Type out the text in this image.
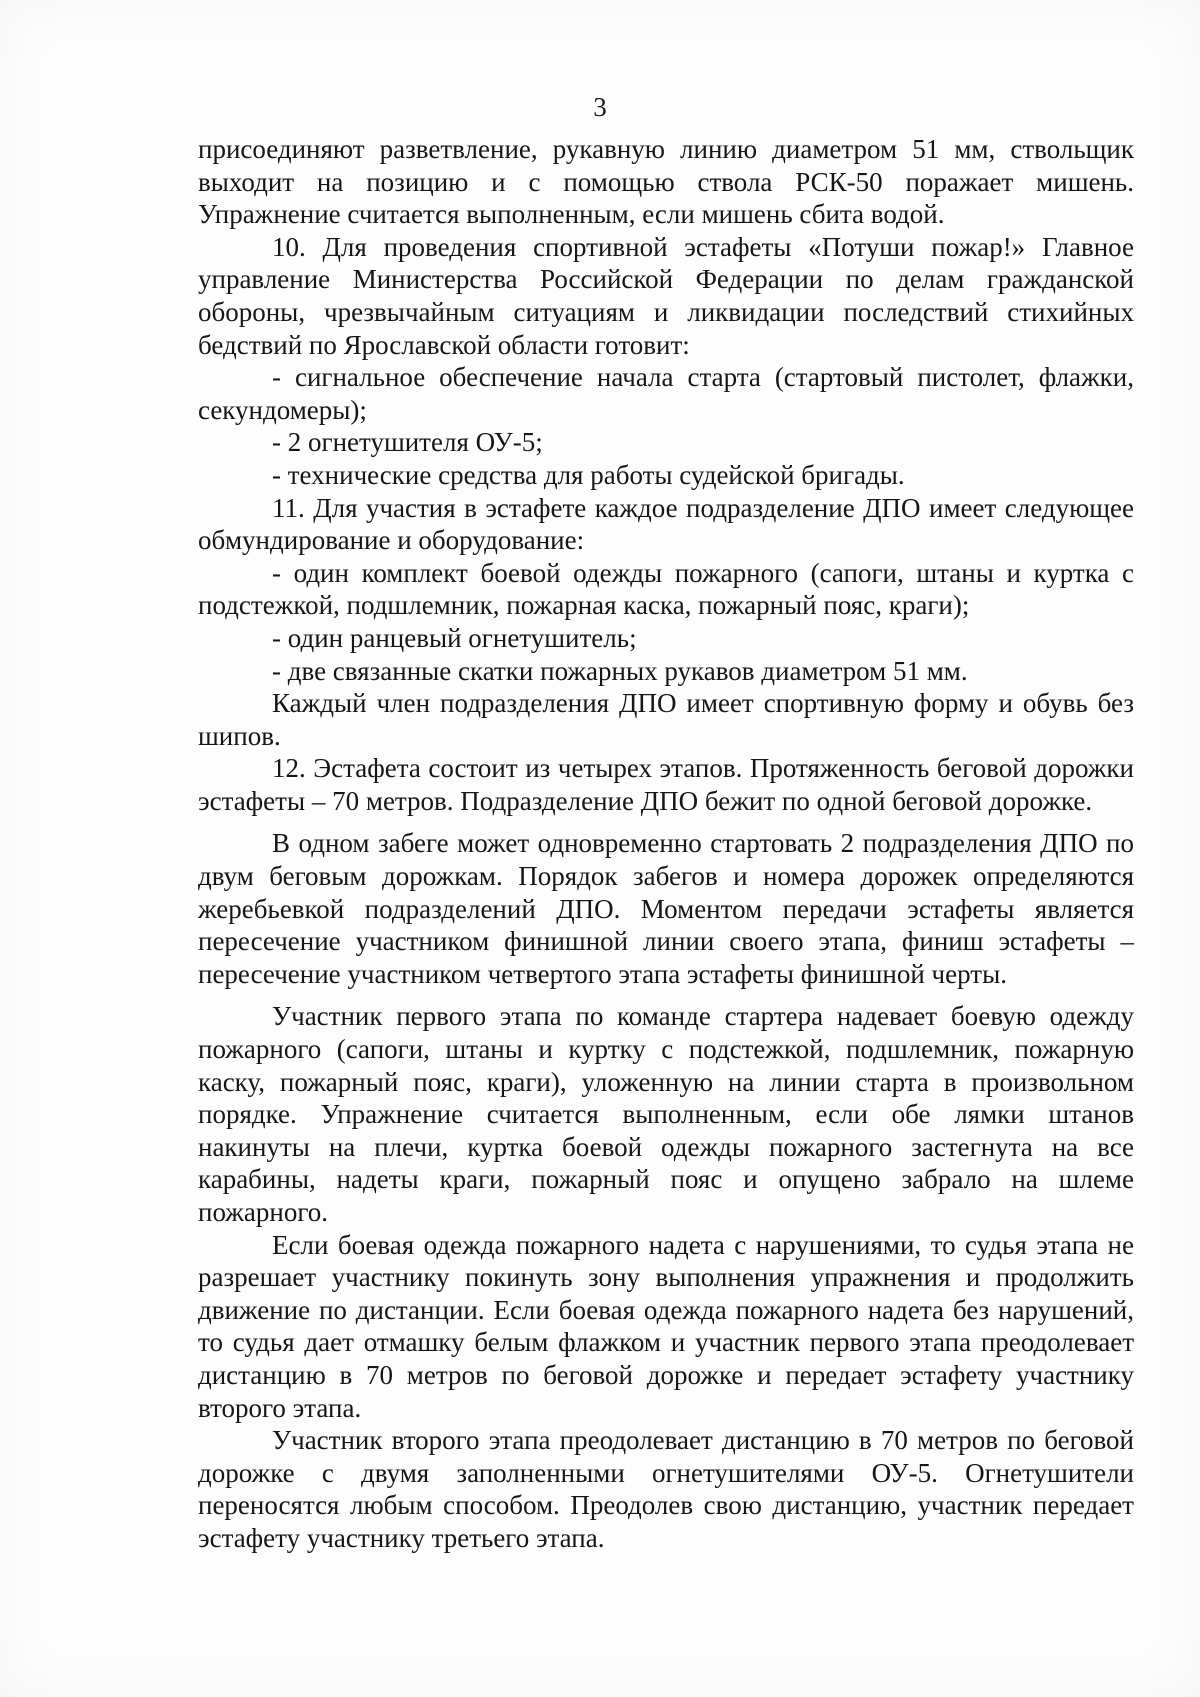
3

присоединяют разветвление, рукавную линию диаметром 51 мм, ствольщик выходит на позицию и с помощью ствола РСК-50 поражает мишень. Упражнение считается выполненным, если мишень сбита водой.

10. Для проведения спортивной эстафеты «Потуши пожар!» Главное управление Министерства Российской Федерации по делам гражданской обороны, чрезвычайным ситуациям и ликвидации последствий стихийных бедствий по Ярославской области готовит:

- сигнальное обеспечение начала старта (стартовый пистолет, флажки, секундомеры);

- 2 огнетушителя ОУ-5;

- технические средства для работы судейской бригады.

11. Для участия в эстафете каждое подразделение ДПО имеет следующее обмундирование и оборудование:

- один комплект боевой одежды пожарного (сапоги, штаны и куртка с подстежкой, подшлемник, пожарная каска, пожарный пояс, краги);

- один ранцевый огнетушитель;

- две связанные скатки пожарных рукавов диаметром 51 мм.

Каждый член подразделения ДПО имеет спортивную форму и обувь без шипов.

12. Эстафета состоит из четырех этапов. Протяженность беговой дорожки эстафеты – 70 метров. Подразделение ДПО бежит по одной беговой дорожке.

В одном забеге может одновременно стартовать 2 подразделения ДПО по двум беговым дорожкам. Порядок забегов и номера дорожек определяются жеребьевкой подразделений ДПО. Моментом передачи эстафеты является пересечение участником финишной линии своего этапа, финиш эстафеты – пересечение участником четвертого этапа эстафеты финишной черты.

Участник первого этапа по команде стартера надевает боевую одежду пожарного (сапоги, штаны и куртку с подстежкой, подшлемник, пожарную каску, пожарный пояс, краги), уложенную на линии старта в произвольном порядке. Упражнение считается выполненным, если обе лямки штанов накинуты на плечи, куртка боевой одежды пожарного застегнута на все карабины, надеты краги, пожарный пояс и опущено забрало на шлеме пожарного.

Если боевая одежда пожарного надета с нарушениями, то судья этапа не разрешает участнику покинуть зону выполнения упражнения и продолжить движение по дистанции. Если боевая одежда пожарного надета без нарушений, то судья дает отмашку белым флажком и участник первого этапа преодолевает дистанцию в 70 метров по беговой дорожке и передает эстафету участнику второго этапа.

Участник второго этапа преодолевает дистанцию в 70 метров по беговой дорожке с двумя заполненными огнетушителями ОУ-5. Огнетушители переносятся любым способом. Преодолев свою дистанцию, участник передает эстафету участнику третьего этапа.
